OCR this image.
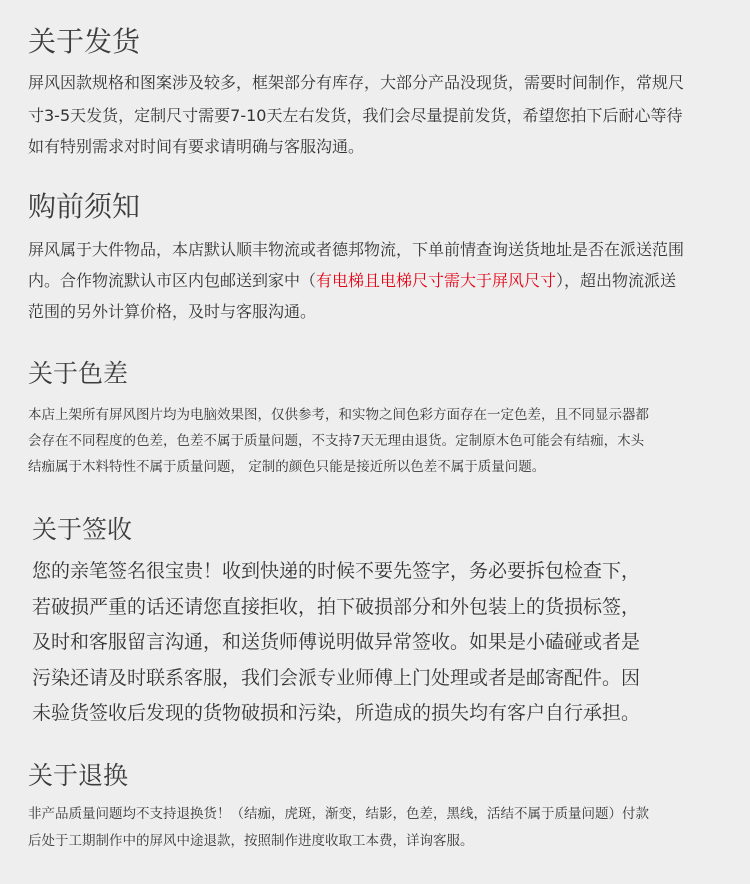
关于发货
屏风因款规格和图案涉及较多，框架部分有库存，大部分产品没现货，需要时间制作，常规尺
寸3-5天发货，定制尺寸需要7-10天左右发货，我们会尽量提前发货，希望您拍下后耐心等待
如有特别需求对时间有要求请明确与客服沟通。
购前须知
屏风属于大件物品，本店默认顺丰物流或者德邦物流，下单前情查询送货地址是否在派送范围
内。合作物流默认市区内包邮送到家中（有电梯且电梯尺寸需大于屏风尺寸），超出物流派送
范围的另外计算价格，及时与客服沟通。
关于色差
本店上架所有屏风图片均为电脑效果图，仅供参考，和实物之间色彩方面存在一定色差，且不同显示器都
会存在不同程度的色差，色差不属于质量问题，不支持7天无理由退货。定制原木色可能会有结痂，木头
结痂属于木料特性不属于质量问题， 定制的颜色只能是接近所以色差不属于质量问题。
关于签收
您的亲笔签名很宝贵！收到快递的时候不要先签字，务必要拆包检查下，
若破损严重的话还请您直接拒收，拍下破损部分和外包装上的货损标签，
及时和客服留言沟通，和送货师傅说明做异常签收。如果是小磕碰或者是
污染还请及时联系客服，我们会派专业师傅上门处理或者是邮寄配件。因
未验货签收后发现的货物破损和污染，所造成的损失均有客户自行承担。
关于退换
非产品质量问题均不支持退换货！（结痂，虎斑，渐变，结影，色差，黑线，活结不属于质量问题）付款
后处于工期制作中的屏风中途退款，按照制作进度收取工本费，详询客服。
